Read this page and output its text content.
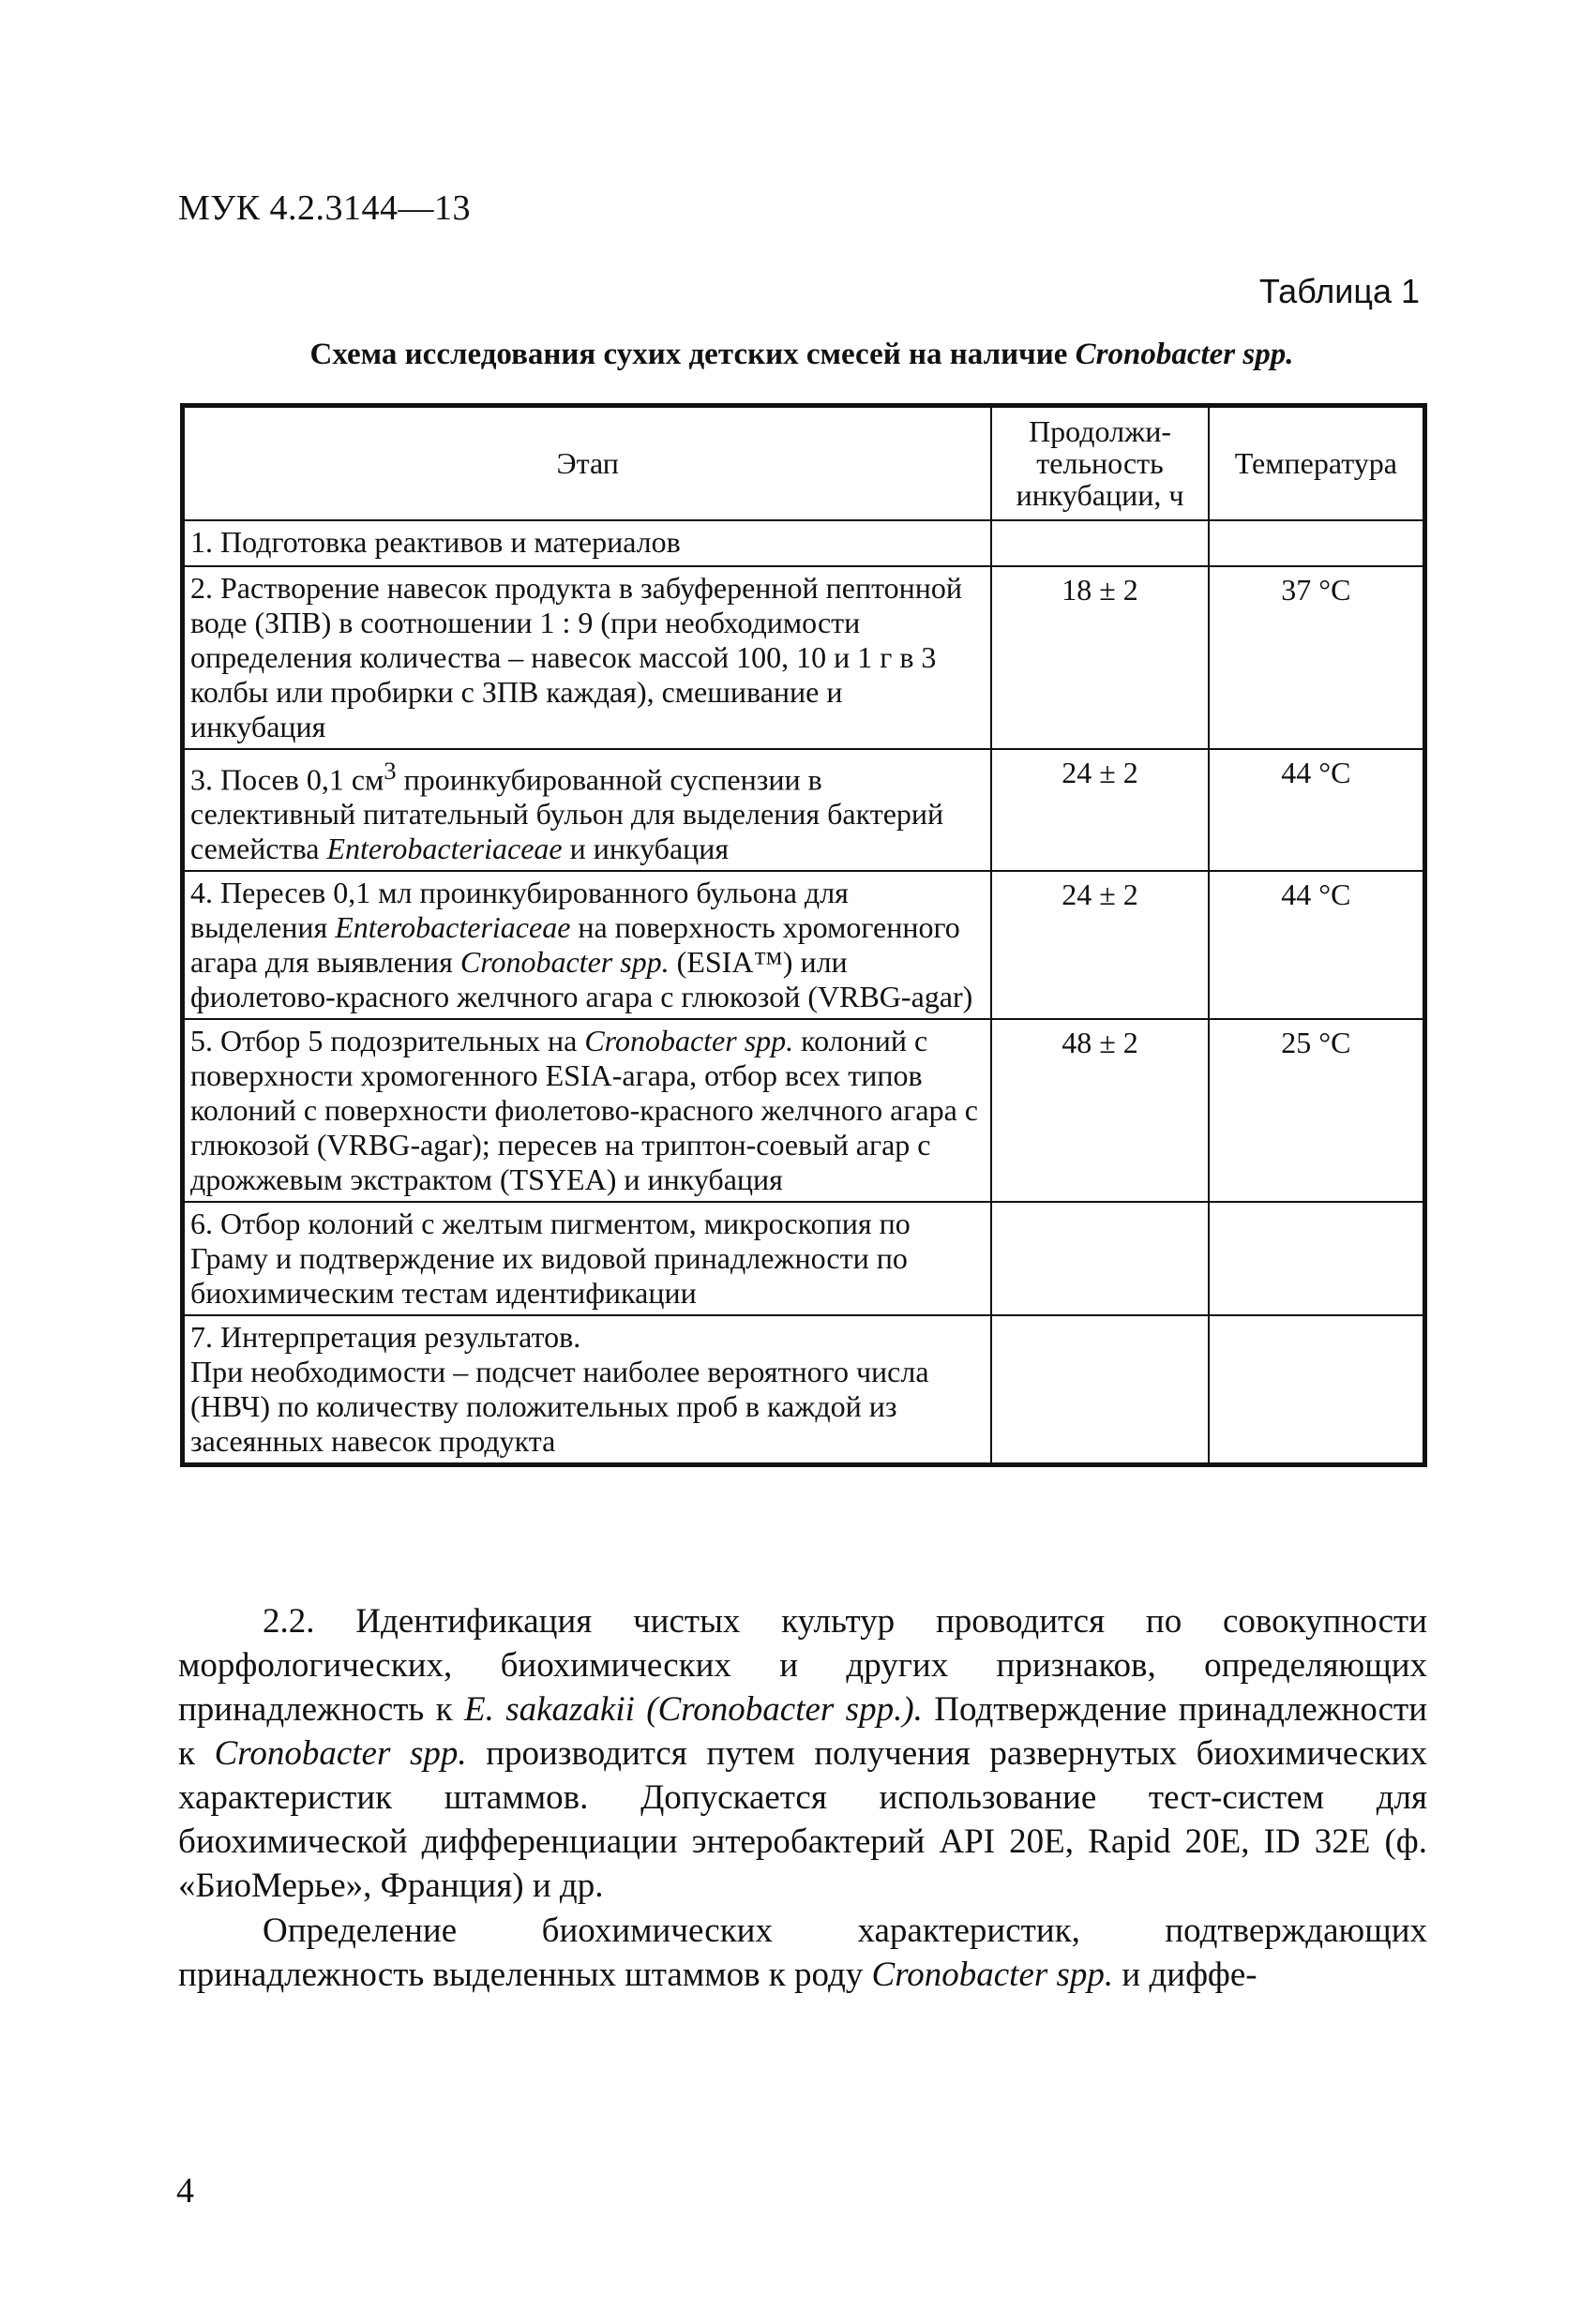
МУК 4.2.3144—13
Таблица 1
Схема исследования сухих детских смесей на наличие Cronobacter spp.
Этап	Продолжи-тельность инкубации, ч	Температура
1. Подготовка реактивов и материалов		
2. Растворение навесок продукта в забуференной пептонной воде (ЗПВ) в соотношении 1 : 9 (при необходимости определения количества – навесок массой 100, 10 и 1 г в 3 колбы или пробирки с ЗПВ каждая), смешивание и инкубация	18 ± 2	37 °С
3. Посев 0,1 $см^3$ проинкубированной суспензии в селективный питательный бульон для выделения бактерий семейства Enterobacteriaceae и инкубация	24 ± 2	44 °С
4. Пересев 0,1 мл проинкубированного бульона для выделения Enterobacteriaceae на поверхность хромогенного агара для выявления Cronobacter spp. (ESIA™) или фиолетово-красного желчного агара с глюкозой (VRBG-agar)	24 ± 2	44 °С
5. Отбор 5 подозрительных на Cronobacter spp. колоний с поверхности хромогенного ESIA-агара, отбор всех типов колоний с поверхности фиолетово-красного желчного агара с глюкозой (VRBG-agar); пересев на триптон-соевый агар с дрожжевым экстрактом (TSYEA) и инкубация	48 ± 2	25 °С
6. Отбор колоний с желтым пигментом, микроскопия по Граму и подтверждение их видовой принадлежности по биохимическим тестам идентификации		
7. Интерпретация результатов.
При необходимости – подсчет наиболее вероятного числа (НВЧ) по количеству положительных проб в каждой из засеянных навесок продукта		
2.2. Идентификация чистых культур проводится по совокупности морфологических, биохимических и других признаков, определяющих принадлежность к E. sakazakii (Cronobacter spp.). Подтверждение принадлежности к Cronobacter spp. производится путем получения развернутых биохимических характеристик штаммов. Допускается использование тест-систем для биохимической дифференциации энтеробактерий API 20E, Rapid 20E, ID 32E (ф. «БиоМерье», Франция) и др.
Определение биохимических характеристик, подтверждающих принадлежность выделенных штаммов к роду Cronobacter spp. и диффе-
4
